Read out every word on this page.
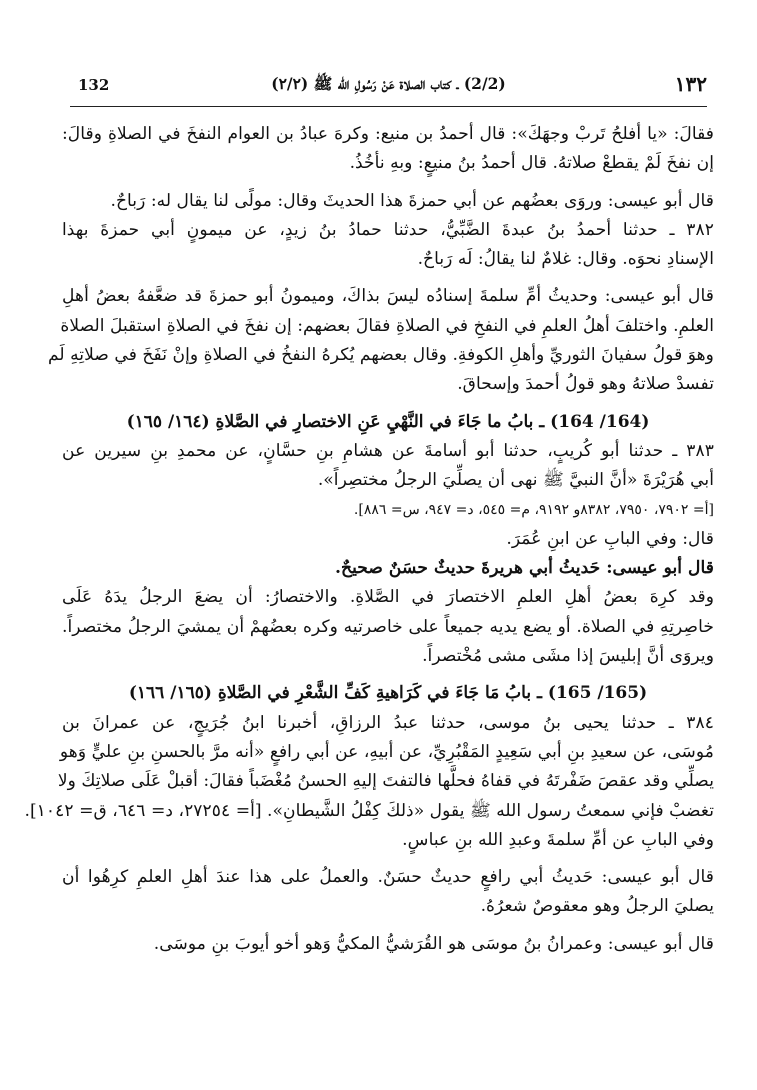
132	(2/2) ـ كتاب الصلاة عَنْ رَسُولِ الله ﷺ (٢/٢)	١٣٢
فقالَ: «يا أفلحُ تَربْ وجهَكَ»: قال أحمدُ بن منيع: وكرهَ عبادُ بن العوام النفخَ في الصلاةِ وقالَ:
إن نفخَ لَمْ يقطعْ صلاتهُ. قال أحمدُ بنُ منيعٍ: وبهِ نأخُذُ.
قال أبو عيسى: وروَى بعضُهم عن أبي حمزةَ هذا الحديثَ وقال: مولًى لنا يقال له: رَباحٌ.
٣٨٢ ـ حدثنا أحمدُ بنُ عبدةَ الضَّبِّيُّ، حدثنا حمادُ بنُ زيدٍ، عن ميمونٍ أبي حمزةَ بهذا
الإسنادِ نحوَه. وقال: غلامٌ لنا يقالُ: لَه رَباحٌ.
قال أبو عيسى: وحديثُ أمِّ سلمةَ إسنادُه ليسَ بذاكَ، وميمونُ أبو حمزةَ قد ضعَّفهُ بعضُ أهلِ
العلمِ. واختلفَ أهلُ العلمِ في النفخِ في الصلاةِ فقالَ بعضهم: إن نفخَ في الصلاةِ استقبلَ الصلاة
وهوَ قولُ سفيانَ الثوريِّ وأهلِ الكوفةِ. وقال بعضهم يُكرهُ النفخُ في الصلاةِ وإنْ نَفَخَ في صلاتِهِ لَم
تفسدْ صلاتهُ وهو قولُ أحمدَ وإسحاقَ.
(164/ 164) ـ بابُ ما جَاءَ في النَّهْيِ عَنِ الاختصارِ في الصَّلاةِ (١٦٤/ ١٦٥)
٣٨٣ ـ حدثنا أبو كُريبٍ، حدثنا أبو أسامةَ عن هشامِ بنِ حسَّانٍ، عن محمدِ بنِ سيرين عن
أبي هُرَيْرَةَ «أنَّ النبيَّ ﷺ نهى أن يصلِّيَ الرجلُ مختصِراً».
[أ= ٧٩٠٢، ٧٩٥٠، ٨٣٨٢و ٩١٩٢، م= ٥٤٥، د= ٩٤٧، س= ٨٨٦].
قال: وفي البابِ عن ابنِ عُمَرَ.
قال أبو عيسى: حَديثُ أبي هريرةَ حديثٌ حسَنٌ صحيحٌ.
وقد كرِهَ بعضُ أهلِ العلمِ الاختصارَ في الصَّلاةِ. والاختصارُ: أن يضعَ الرجلُ يدَهُ عَلَى
خاصِرتِهِ في الصلاة. أو يضع يديه جميعاً على خاصرتيه وكره بعضُهمْ أن يمشيَ الرجلُ مختصراً.
ويروَى أنَّ إبليسَ إذا مشَى مشى مُخْتصراً.
(165/ 165) ـ بابُ مَا جَاءَ في كَرَاهيةِ كَفِّ الشَّعْرِ في الصَّلاةِ (١٦٥/ ١٦٦)
٣٨٤ ـ حدثنا يحيى بنُ موسى، حدثنا عبدُ الرزاقِ، أخبرنا ابنُ جُرَيجٍ، عن عمرانَ بن
مُوسَى، عن سعيدِ بنِ أبي سَعِيدٍ المَقْبُرِيِّ، عن أبيهِ، عن أبي رافعٍ «أنه مرَّ بالحسنِ بنِ عليٍّ وَهو
يصلِّي وقد عقصَ ضَفْرتَهُ في قفاهُ فحلَّها فالتفتَ إليهِ الحسنُ مُغْضَباً فقالَ: أقبلْ عَلَى صلاتِكَ ولا
تغضبْ فإني سمعتُ رسول الله ﷺ يقول «ذلكَ كِفْلُ الشَّيطانِ». [أ= ٢٧٢٥٤، د= ٦٤٦، ق= ١٠٤٢].
وفي البابِ عن أمِّ سلمةَ وعبدِ الله بنِ عباسٍ.
قال أبو عيسى: حَديثُ أبي رافعٍ حديثٌ حسَنٌ. والعملُ على هذا عندَ أهلِ العلمِ كرِهُوا أن
يصليَ الرجلُ وهو معقوصٌ شعرُهُ.
قال أبو عيسى: وعمرانُ بنُ موسَى هو القُرَشيُّ المكيُّ وَهو أخو أيوبَ بنِ موسَى.
